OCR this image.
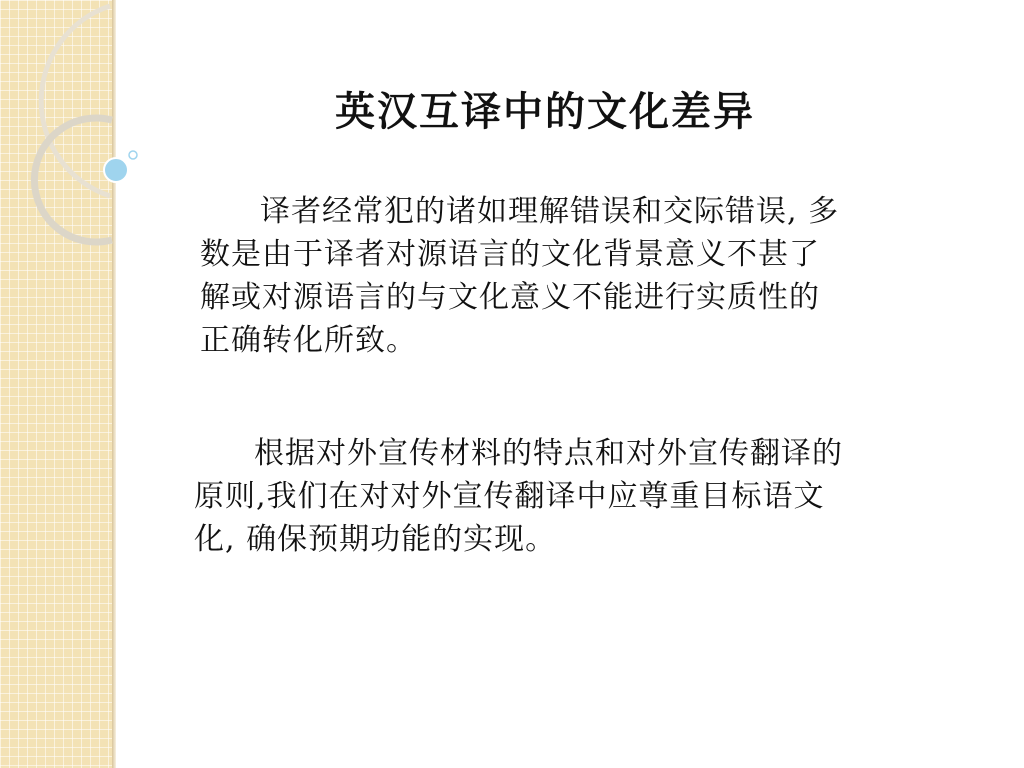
英汉互译中的文化差异

译者经常犯的诸如理解错误和交际错误, 多数是由于译者对源语言的文化背景意义不甚了解或对源语言的与文化意义不能进行实质性的正确转化所致。

根据对外宣传材料的特点和对外宣传翻译的原则,我们在对对外宣传翻译中应尊重目标语文化, 确保预期功能的实现。
